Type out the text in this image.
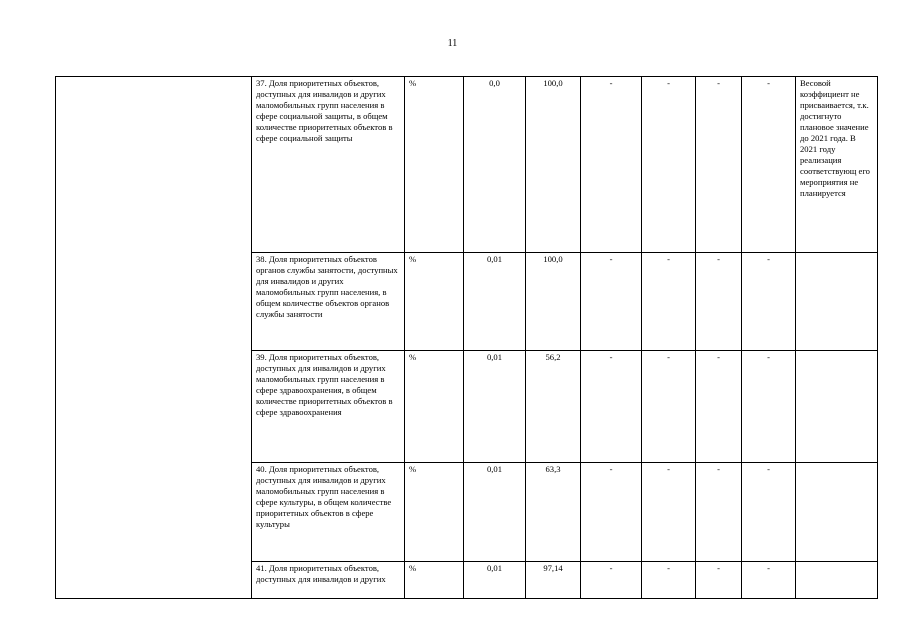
11
	37. Доля приоритетных объектов, доступных для инвалидов и других маломобильных групп населения в сфере социальной защиты, в общем количестве приоритетных объектов в сфере социальной защиты	%	0,0	100,0	-	-	-	-	Весовой коэффициент не присваивается, т.к. достигнуто плановое значение до 2021 года. В 2021 году реализация соответствующ его мероприятия не планируется
	38. Доля приоритетных объектов органов службы занятости, доступных для инвалидов и других маломобильных групп населения, в общем количестве объектов органов службы занятости	%	0,01	100,0	-	-	-	-	
	39. Доля приоритетных объектов, доступных для инвалидов и других маломобильных групп населения в сфере здравоохранения, в общем количестве приоритетных объектов в сфере здравоохранения	%	0,01	56,2	-	-	-	-	
	40. Доля приоритетных объектов, доступных для инвалидов и других маломобильных групп населения в сфере культуры, в общем количестве приоритетных объектов в сфере культуры	%	0,01	63,3	-	-	-	-	
	41. Доля приоритетных объектов, доступных для инвалидов и других	%	0,01	97,14	-	-	-	-	
